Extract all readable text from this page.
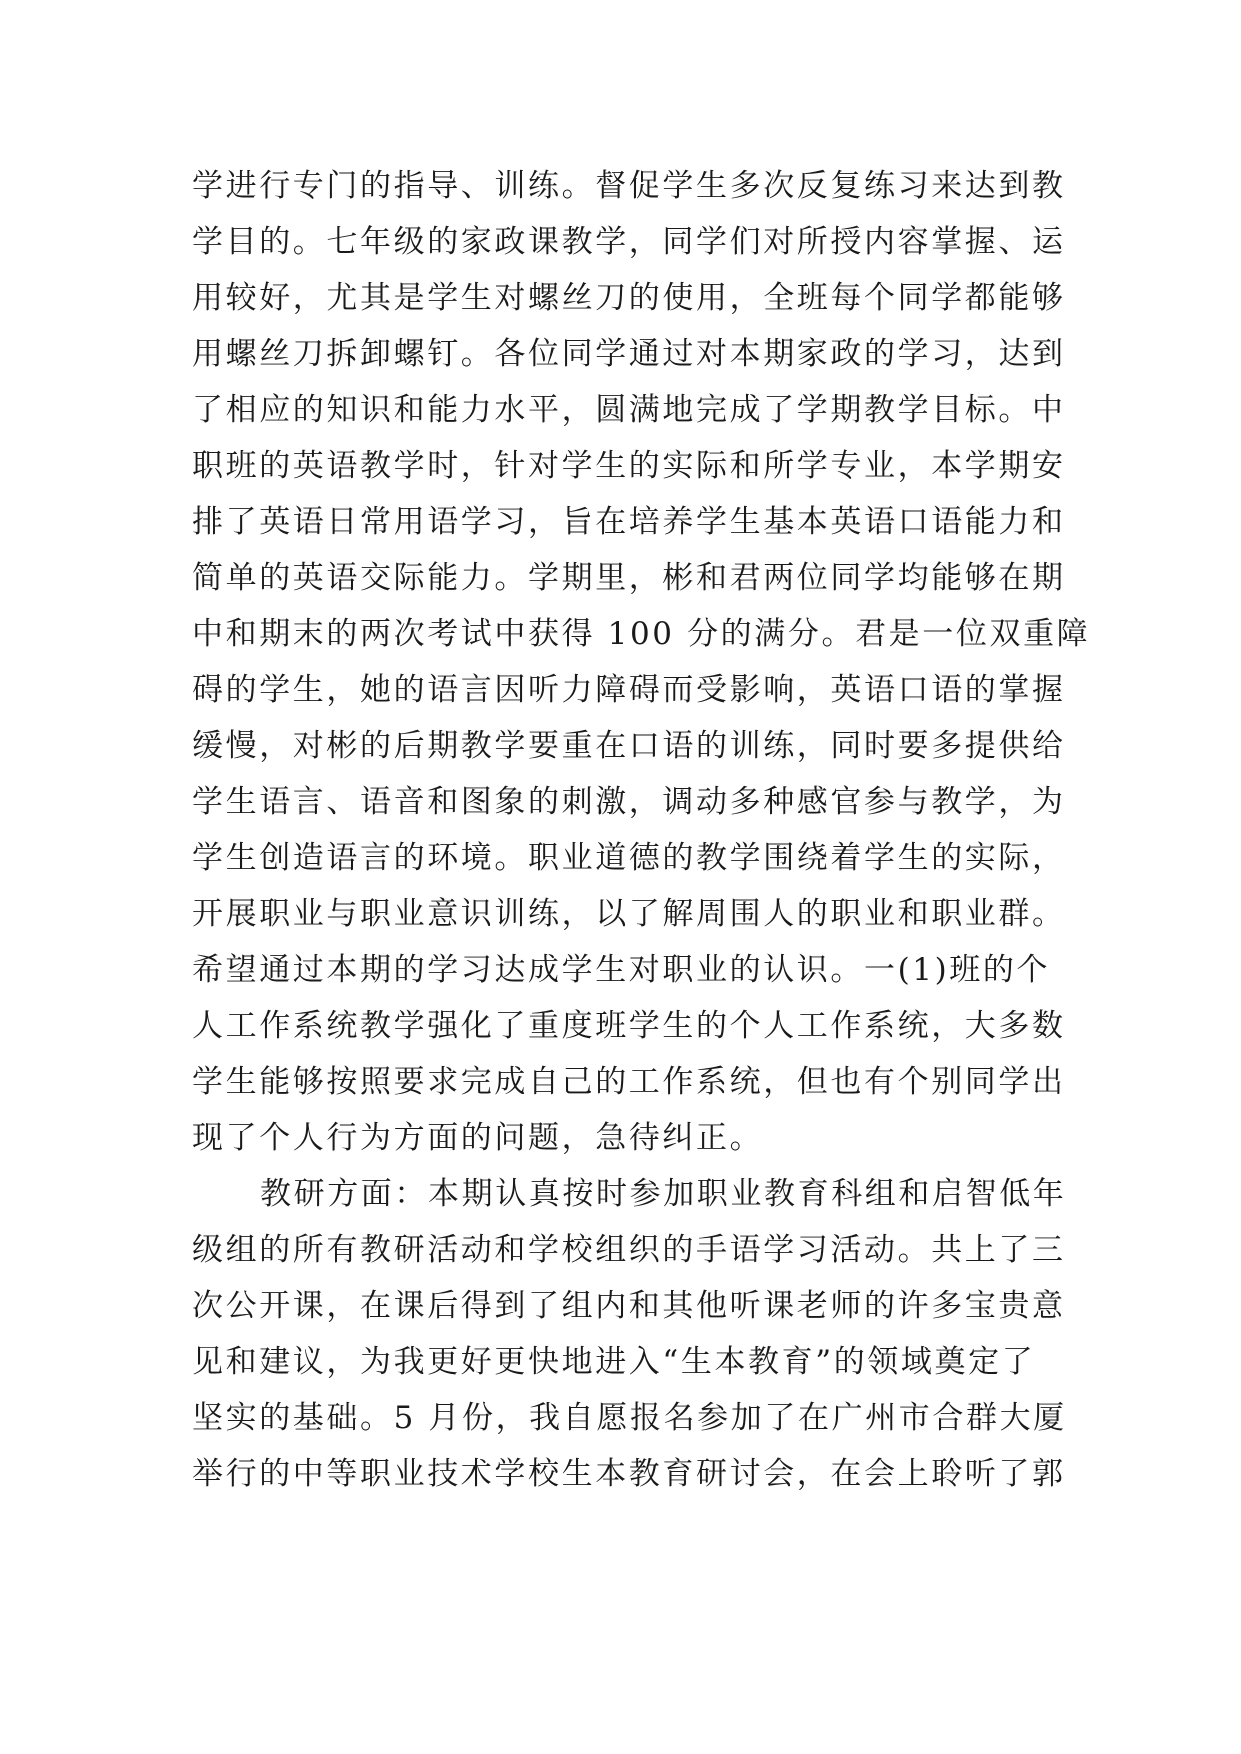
学进行专门的指导、训练。督促学生多次反复练习来达到教
学目的。七年级的家政课教学，同学们对所授内容掌握、运
用较好，尤其是学生对螺丝刀的使用，全班每个同学都能够
用螺丝刀拆卸螺钉。各位同学通过对本期家政的学习，达到
了相应的知识和能力水平，圆满地完成了学期教学目标。中
职班的英语教学时，针对学生的实际和所学专业，本学期安
排了英语日常用语学习，旨在培养学生基本英语口语能力和
简单的英语交际能力。学期里，彬和君两位同学均能够在期
中和期末的两次考试中获得 100 分的满分。君是一位双重障
碍的学生，她的语言因听力障碍而受影响，英语口语的掌握
缓慢，对彬的后期教学要重在口语的训练，同时要多提供给
学生语言、语音和图象的刺激，调动多种感官参与教学，为
学生创造语言的环境。职业道德的教学围绕着学生的实际，
开展职业与职业意识训练，以了解周围人的职业和职业群。
希望通过本期的学习达成学生对职业的认识。一(1)班的个
人工作系统教学强化了重度班学生的个人工作系统，大多数
学生能够按照要求完成自己的工作系统，但也有个别同学出
现了个人行为方面的问题，急待纠正。
教研方面：本期认真按时参加职业教育科组和启智低年
级组的所有教研活动和学校组织的手语学习活动。共上了三
次公开课，在课后得到了组内和其他听课老师的许多宝贵意
见和建议，为我更好更快地进入“生本教育”的领域奠定了
坚实的基础。5 月份，我自愿报名参加了在广州市合群大厦
举行的中等职业技术学校生本教育研讨会，在会上聆听了郭
